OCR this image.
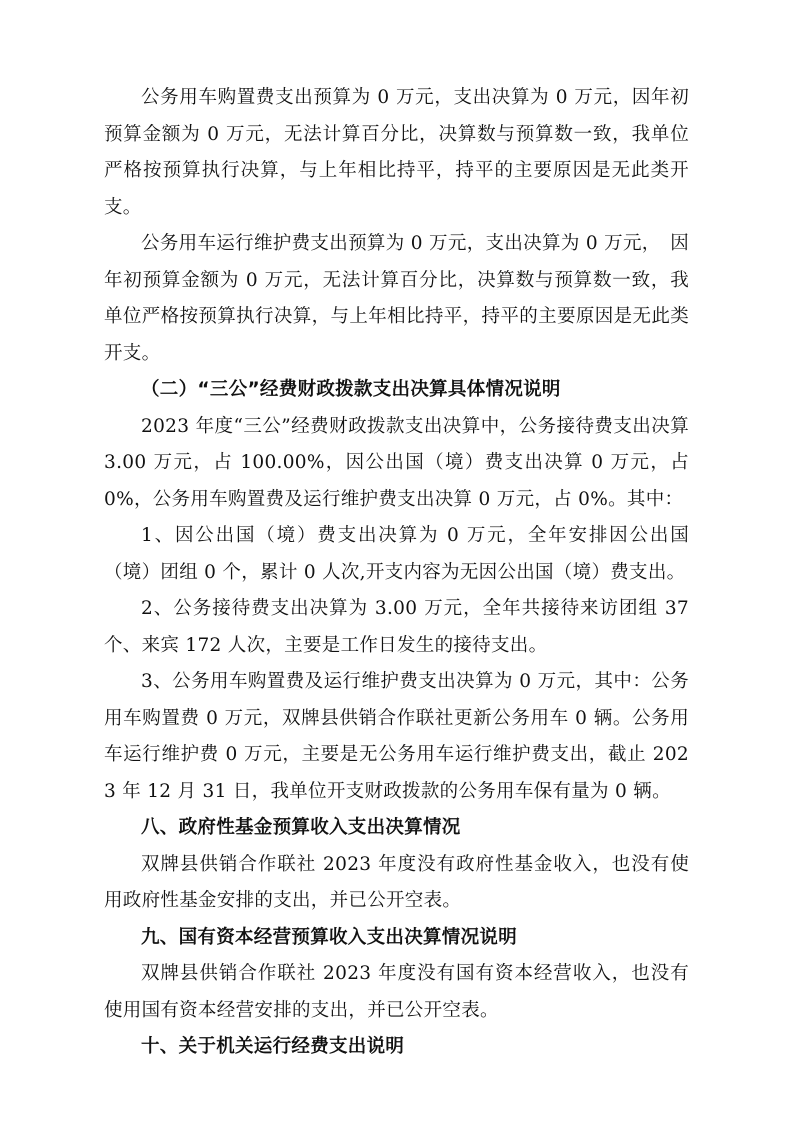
公务用车购置费支出预算为 0 万元，支出决算为 0 万元，因年初预算金额为 0 万元，无法计算百分比，决算数与预算数一致，我单位严格按预算执行决算，与上年相比持平，持平的主要原因是无此类开支。

公务用车运行维护费支出预算为 0 万元，支出决算为 0 万元，　因年初预算金额为 0 万元，无法计算百分比，决算数与预算数一致，我单位严格按预算执行决算，与上年相比持平，持平的主要原因是无此类开支。

（二）“三公”经费财政拨款支出决算具体情况说明

2023 年度“三公”经费财政拨款支出决算中，公务接待费支出决算 3.00 万元，占 100.00%，因公出国（境）费支出决算 0 万元，占 0%，公务用车购置费及运行维护费支出决算 0 万元，占 0%。其中：

1、因公出国（境）费支出决算为 0 万元，全年安排因公出国（境）团组 0 个，累计 0 人次,开支内容为无因公出国（境）费支出。

2、公务接待费支出决算为 3.00 万元，全年共接待来访团组 37 个、来宾 172 人次，主要是工作日发生的接待支出。

3、公务用车购置费及运行维护费支出决算为 0 万元，其中：公务用车购置费 0 万元，双牌县供销合作联社更新公务用车 0 辆。公务用车运行维护费 0 万元，主要是无公务用车运行维护费支出，截止 2023 年 12 月 31 日，我单位开支财政拨款的公务用车保有量为 0 辆。

八、政府性基金预算收入支出决算情况

双牌县供销合作联社 2023 年度没有政府性基金收入，也没有使用政府性基金安排的支出，并已公开空表。

九、国有资本经营预算收入支出决算情况说明

双牌县供销合作联社 2023 年度没有国有资本经营收入，也没有使用国有资本经营安排的支出，并已公开空表。

十、关于机关运行经费支出说明
